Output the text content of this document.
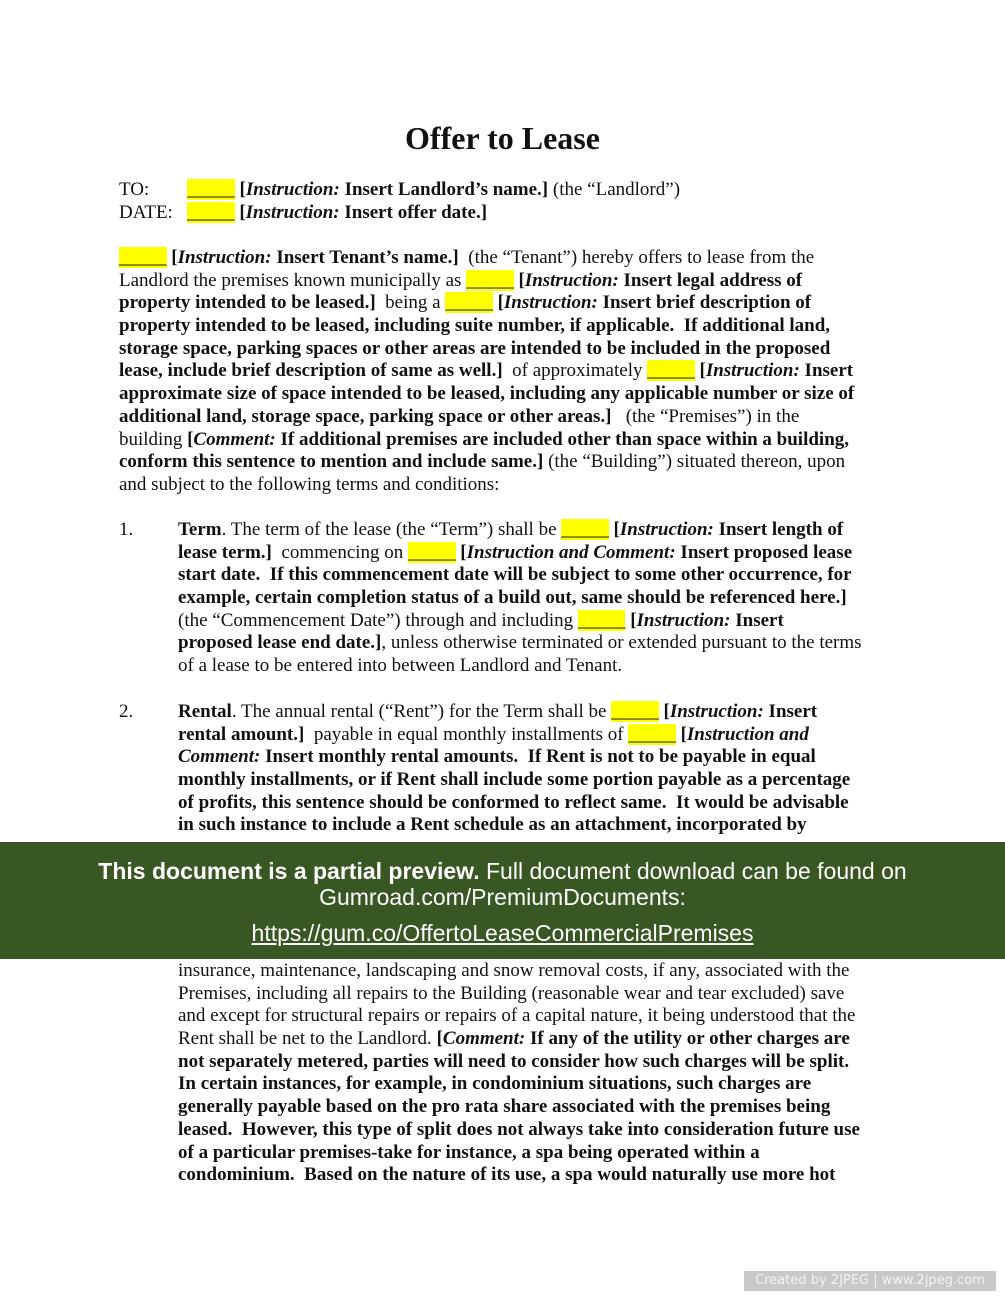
Offer to Lease
TO:        _____ [Instruction: Insert Landlord’s name.] (the “Landlord”)
DATE:   _____ [Instruction: Insert offer date.]
_____ [Instruction: Insert Tenant’s name.]  (the “Tenant”) hereby offers to lease from the
Landlord the premises known municipally as _____ [Instruction: Insert legal address of
property intended to be leased.]  being a _____ [Instruction: Insert brief description of
property intended to be leased, including suite number, if applicable.  If additional land,
storage space, parking spaces or other areas are intended to be included in the proposed
lease, include brief description of same as well.]  of approximately _____ [Instruction: Insert
approximate size of space intended to be leased, including any applicable number or size of
additional land, storage space, parking space or other areas.]   (the “Premises”) in the
building [Comment: If additional premises are included other than space within a building,
conform this sentence to mention and include same.] (the “Building”) situated thereon, upon
and subject to the following terms and conditions:
1. Term. The term of the lease (the “Term”) shall be _____ [Instruction: Insert length of
lease term.]  commencing on _____ [Instruction and Comment: Insert proposed lease
start date.  If this commencement date will be subject to some other occurrence, for
example, certain completion status of a build out, same should be referenced here.]
(the “Commencement Date”) through and including _____ [Instruction: Insert
proposed lease end date.], unless otherwise terminated or extended pursuant to the terms
of a lease to be entered into between Landlord and Tenant.
2. Rental. The annual rental (“Rent”) for the Term shall be _____ [Instruction: Insert
rental amount.]  payable in equal monthly installments of _____ [Instruction and
Comment: Insert monthly rental amounts.  If Rent is not to be payable in equal
monthly installments, or if Rent shall include some portion payable as a percentage
of profits, this sentence should be conformed to reflect same.  It would be advisable
in such instance to include a Rent schedule as an attachment, incorporated by
insurance, maintenance, landscaping and snow removal costs, if any, associated with the
Premises, including all repairs to the Building (reasonable wear and tear excluded) save
and except for structural repairs or repairs of a capital nature, it being understood that the
Rent shall be net to the Landlord. [Comment: If any of the utility or other charges are
not separately metered, parties will need to consider how such charges will be split.
In certain instances, for example, in condominium situations, such charges are
generally payable based on the pro rata share associated with the premises being
leased.  However, this type of split does not always take into consideration future use
of a particular premises-take for instance, a spa being operated within a
condominium.  Based on the nature of its use, a spa would naturally use more hot
This document is a partial preview. Full document download can be found on Gumroad.com/PremiumDocuments:
https://gum.co/OffertoLeaseCommercialPremises
Created by 2JPEG | www.2jpeg.com
